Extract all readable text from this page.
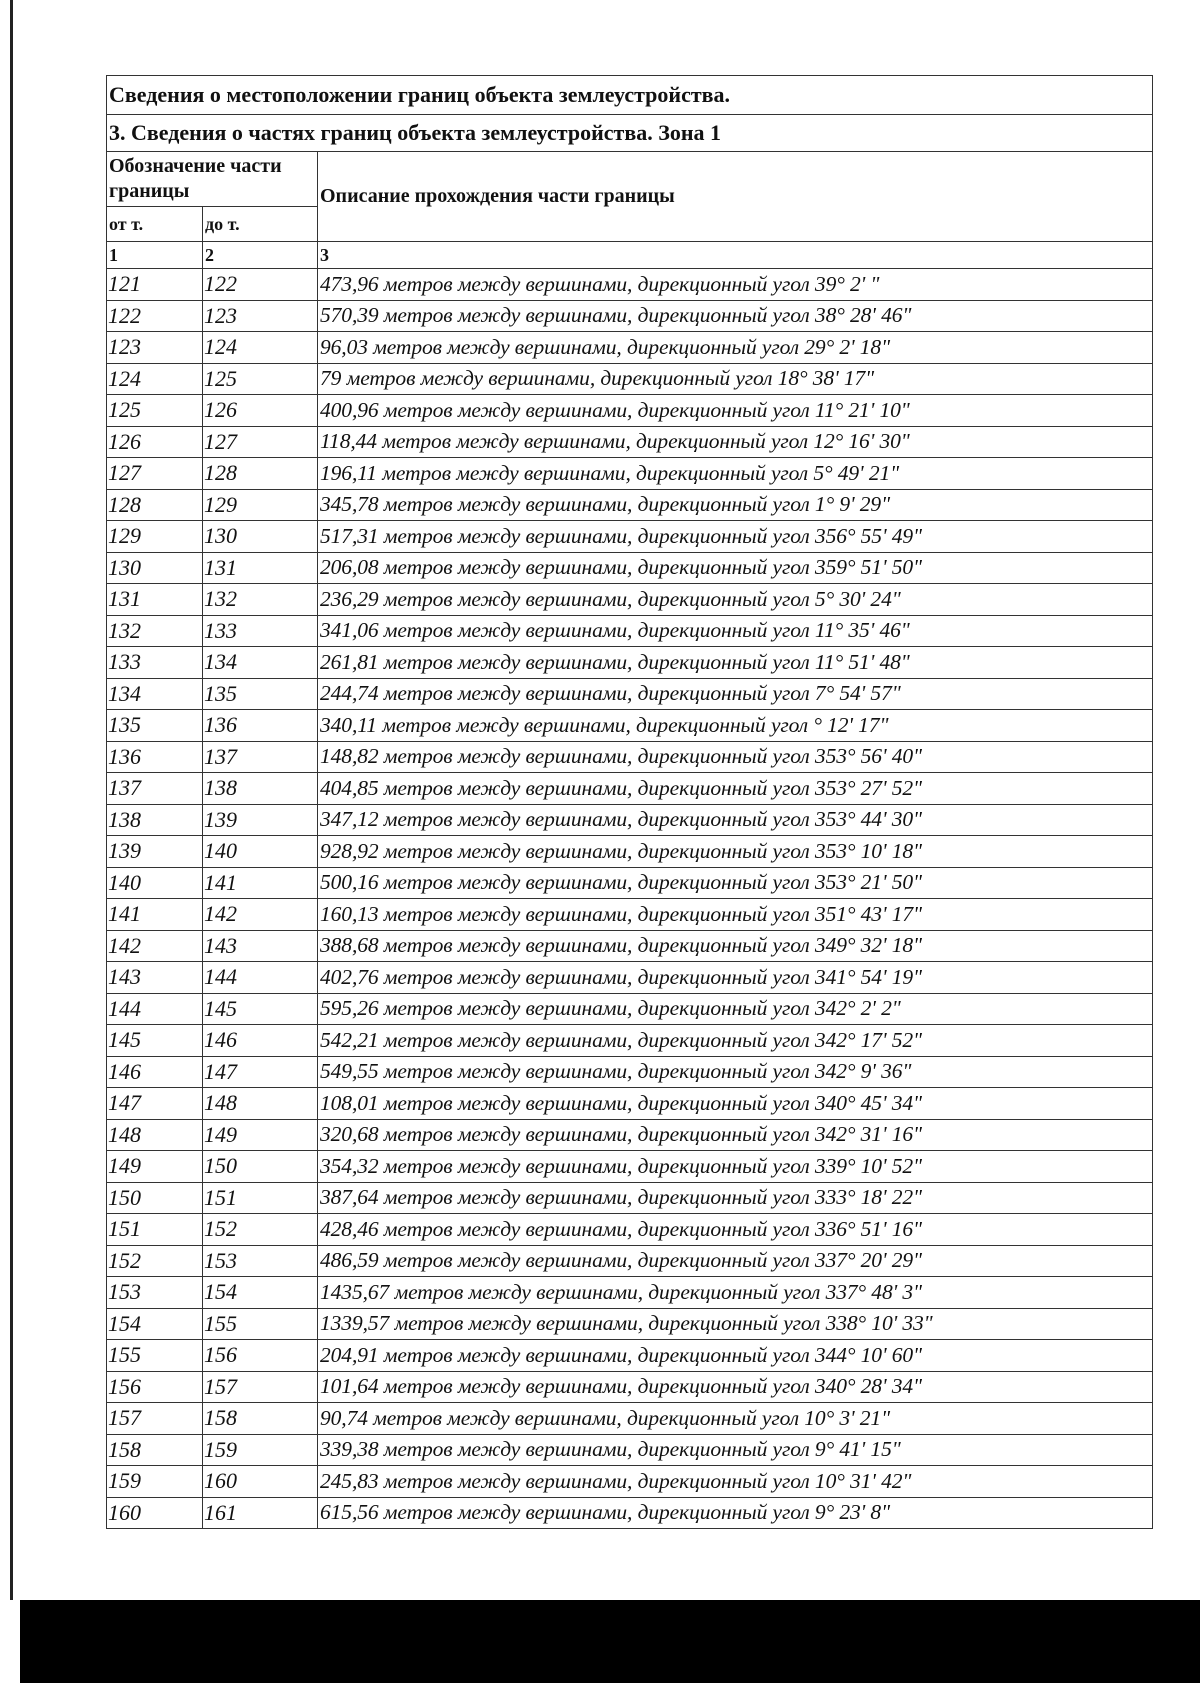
Сведения о местоположении границ объекта землеустройства.		
3. Сведения о частях границ объекта землеустройства. Зона 1		
Обозначение части границы		Описание прохождения части границы
от т.	до т.	
1	2	3
121	122	473,96 метров между вершинами, дирекционный угол 39° 2' "
122	123	570,39 метров между вершинами, дирекционный угол 38° 28' 46"
123	124	96,03 метров между вершинами, дирекционный угол 29° 2' 18"
124	125	79 метров между вершинами, дирекционный угол 18° 38' 17"
125	126	400,96 метров между вершинами, дирекционный угол 11° 21' 10"
126	127	118,44 метров между вершинами, дирекционный угол 12° 16' 30"
127	128	196,11 метров между вершинами, дирекционный угол 5° 49' 21"
128	129	345,78 метров между вершинами, дирекционный угол 1° 9' 29"
129	130	517,31 метров между вершинами, дирекционный угол 356° 55' 49"
130	131	206,08 метров между вершинами, дирекционный угол 359° 51' 50"
131	132	236,29 метров между вершинами, дирекционный угол 5° 30' 24"
132	133	341,06 метров между вершинами, дирекционный угол 11° 35' 46"
133	134	261,81 метров между вершинами, дирекционный угол 11° 51' 48"
134	135	244,74 метров между вершинами, дирекционный угол 7° 54' 57"
135	136	340,11 метров между вершинами, дирекционный угол ° 12' 17"
136	137	148,82 метров между вершинами, дирекционный угол 353° 56' 40"
137	138	404,85 метров между вершинами, дирекционный угол 353° 27' 52"
138	139	347,12 метров между вершинами, дирекционный угол 353° 44' 30"
139	140	928,92 метров между вершинами, дирекционный угол 353° 10' 18"
140	141	500,16 метров между вершинами, дирекционный угол 353° 21' 50"
141	142	160,13 метров между вершинами, дирекционный угол 351° 43' 17"
142	143	388,68 метров между вершинами, дирекционный угол 349° 32' 18"
143	144	402,76 метров между вершинами, дирекционный угол 341° 54' 19"
144	145	595,26 метров между вершинами, дирекционный угол 342° 2' 2"
145	146	542,21 метров между вершинами, дирекционный угол 342° 17' 52"
146	147	549,55 метров между вершинами, дирекционный угол 342° 9' 36"
147	148	108,01 метров между вершинами, дирекционный угол 340° 45' 34"
148	149	320,68 метров между вершинами, дирекционный угол 342° 31' 16"
149	150	354,32 метров между вершинами, дирекционный угол 339° 10' 52"
150	151	387,64 метров между вершинами, дирекционный угол 333° 18' 22"
151	152	428,46 метров между вершинами, дирекционный угол 336° 51' 16"
152	153	486,59 метров между вершинами, дирекционный угол 337° 20' 29"
153	154	1435,67 метров между вершинами, дирекционный угол 337° 48' 3"
154	155	1339,57 метров между вершинами, дирекционный угол 338° 10' 33"
155	156	204,91 метров между вершинами, дирекционный угол 344° 10' 60"
156	157	101,64 метров между вершинами, дирекционный угол 340° 28' 34"
157	158	90,74 метров между вершинами, дирекционный угол 10° 3' 21"
158	159	339,38 метров между вершинами, дирекционный угол 9° 41' 15"
159	160	245,83 метров между вершинами, дирекционный угол 10° 31' 42"
160	161	615,56 метров между вершинами, дирекционный угол 9° 23' 8"
